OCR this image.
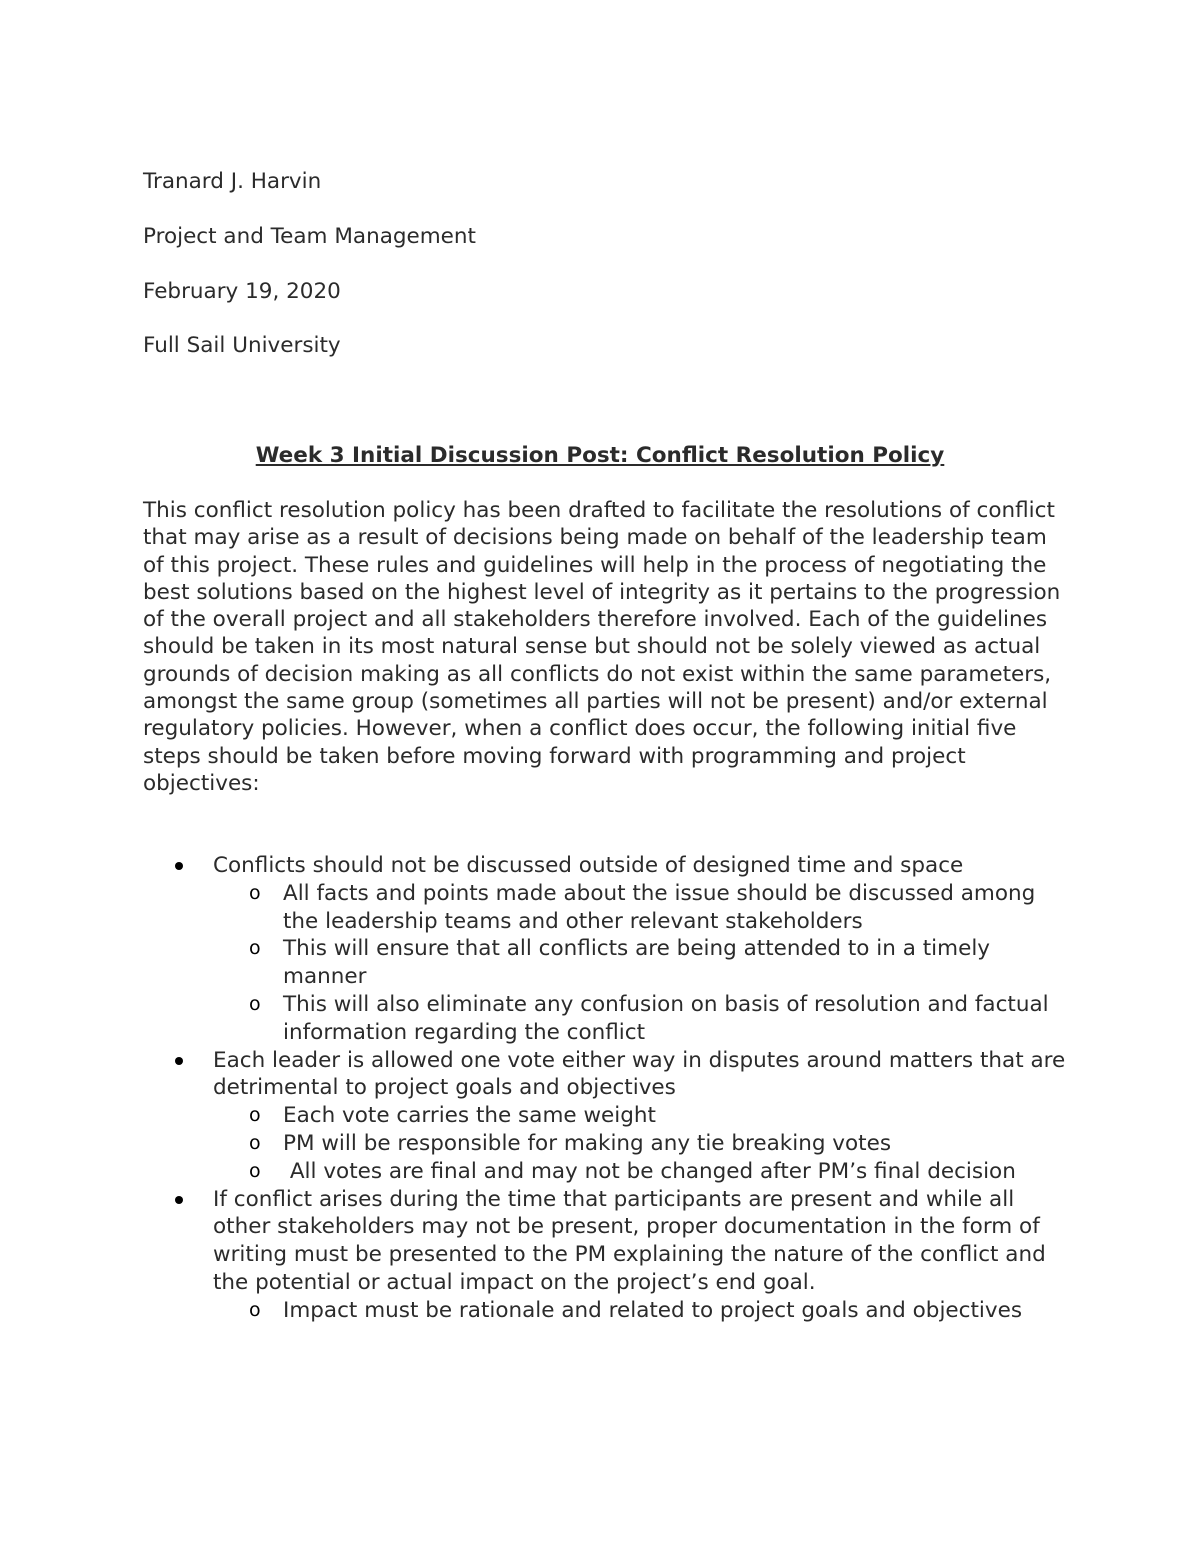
Tranard J. Harvin

Project and Team Management

February 19, 2020

Full Sail University

Week 3 Initial Discussion Post: Conflict Resolution Policy

This conflict resolution policy has been drafted to facilitate the resolutions of conflict that may arise as a result of decisions being made on behalf of the leadership team of this project. These rules and guidelines will help in the process of negotiating the best solutions based on the highest level of integrity as it pertains to the progression of the overall project and all stakeholders therefore involved. Each of the guidelines should be taken in its most natural sense but should not be solely viewed as actual grounds of decision making as all conflicts do not exist within the same parameters, amongst the same group (sometimes all parties will not be present) and/or external regulatory policies. However, when a conflict does occur, the following initial five steps should be taken before moving forward with programming and project objectives:

Conflicts should not be discussed outside of designed time and space
o All facts and points made about the issue should be discussed among the leadership teams and other relevant stakeholders
o This will ensure that all conflicts are being attended to in a timely manner
o This will also eliminate any confusion on basis of resolution and factual information regarding the conflict
Each leader is allowed one vote either way in disputes around matters that are detrimental to project goals and objectives
o Each vote carries the same weight
o PM will be responsible for making any tie breaking votes
o All votes are final and may not be changed after PM’s final decision
If conflict arises during the time that participants are present and while all other stakeholders may not be present, proper documentation in the form of writing must be presented to the PM explaining the nature of the conflict and the potential or actual impact on the project’s end goal.
o Impact must be rationale and related to project goals and objectives
